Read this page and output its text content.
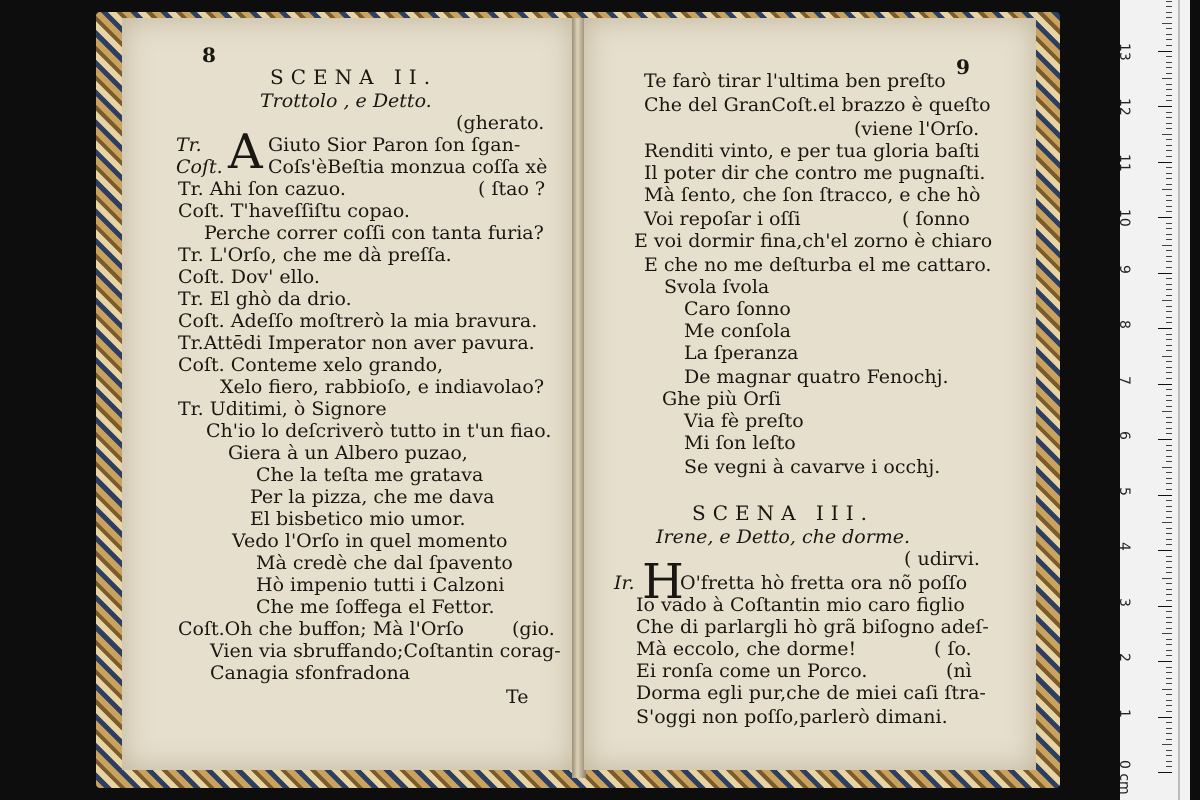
8
SCENA II.
Trottolo , e Detto.
(gherato.
Tr. A Giuto Sior Paron ſon ſgan-
Coſt. Coſs'èBeſtia monzua coſſa xè
Tr. Ahi ſon cazuo.	( ſtao ?
Coſt. T'haveſſiſtu copao.
Perche correr coſſi con tanta furia?
Tr. L'Orſo, che me dà preſſa.
Coſt. Dov' ello.
Tr. El ghò da drio.
Coſt. Adeſſo moſtrerò la mia bravura.
Tr.Attēdi Imperator non aver pavura.
Coſt. Conteme xelo grando,
Xelo fiero, rabbioſo, e indiavolao?
Tr. Uditimi, ò Signore
Ch'io lo deſcriverò tutto in t'un fiao.
Giera à un Albero puzao,
Che la teſta me gratava
Per la pizza, che me dava
El bisbetico mio umor.
Vedo l'Orſo in quel momento
Mà credè che dal ſpavento
Hò impenio tutti i Calzoni
Che me ſoffega el Fettor.
Coſt.Oh che buffon; Mà l'Orſo	(gio.
Vien via sbruffando;Coſtantin corag-
Canagia sfonfradona
Te
9
Te farò tirar l'ultima ben preſto
Che del GranCoſt.el brazzo è queſto
(viene l'Orſo.
Renditi vinto, e per tua gloria baſti
Il poter dir che contro me pugnaſti.
Mà ſento, che ſon ſtracco, e che hò
Voi repoſar i oſſi	( ſonno
E voi dormir fina,ch'el zorno è chiaro
E che no me deſturba el me cattaro.
Svola ſvola
Caro ſonno
Me conſola
La ſperanza
De magnar quatro Fenochj.
Ghe più Orſi
Via fè preſto
Mi ſon leſto
Se vegni à cavarve i occhj.
SCENA III.
Irene, e Detto, che dorme.
( udirvi.
Ir. H
O'fretta hò fretta ora nõ poſſo
Io vado à Coſtantin mio caro figlio
Che di parlargli hò grã biſogno adeſ-
Mà eccolo, che dorme!	( ſo.
Ei ronſa come un Porco.	(nì
Dorma egli pur,che de miei caſi ſtra-
S'oggi non poſſo,parlerò dimani.	1
2
3
4
5
6
7
8
9
10
11
12
13
0 cm
